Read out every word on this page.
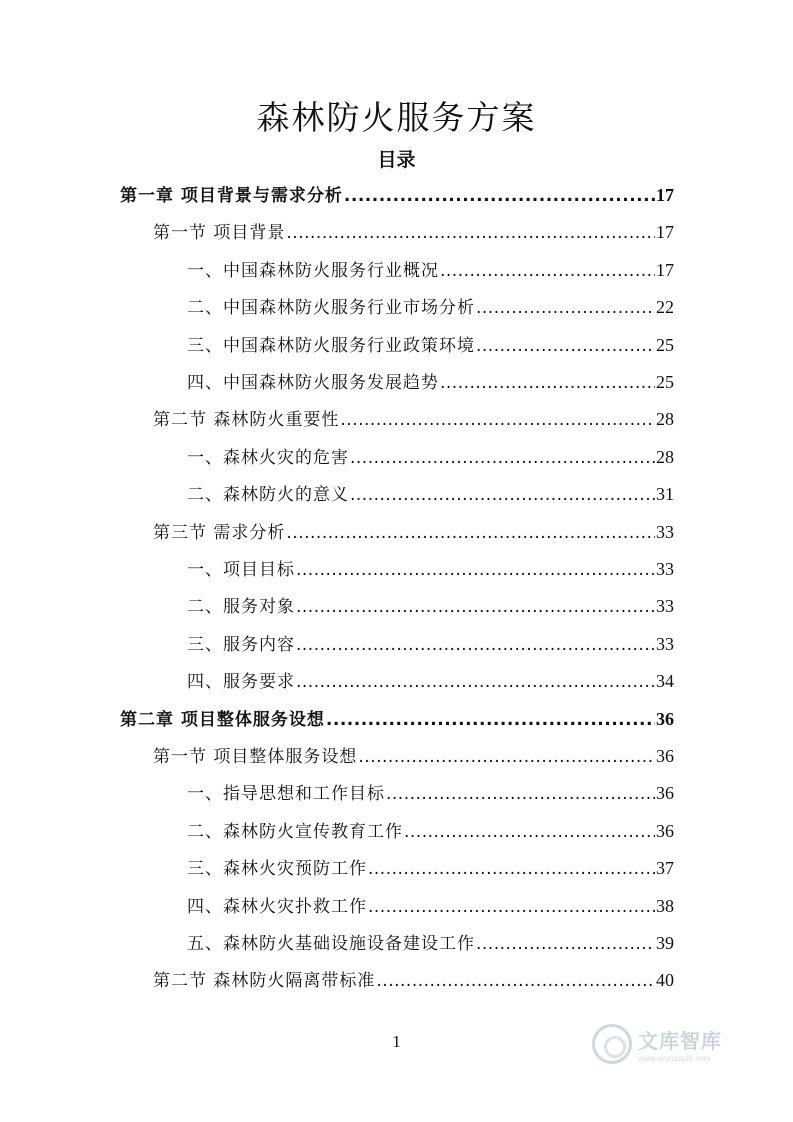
森林防火服务方案
目录
第一章 项目背景与需求分析 .....	17
第一节 项目背景 .....	17
一、中国森林防火服务行业概况 .....	17
二、中国森林防火服务行业市场分析 .....	22
三、中国森林防火服务行业政策环境 .....	25
四、中国森林防火服务发展趋势 .....	25
第二节 森林防火重要性 .....	28
一、森林火灾的危害 .....	28
二、森林防火的意义 .....	31
第三节 需求分析 .....	33
一、项目目标 .....	33
二、服务对象 .....	33
三、服务内容 .....	33
四、服务要求 .....	34
第二章 项目整体服务设想 .....	36
第一节 项目整体服务设想 .....	36
一、指导思想和工作目标 .....	36
二、森林防火宣传教育工作 .....	36
三、森林火灾预防工作 .....	37
四、森林火灾扑救工作 .....	38
五、森林防火基础设施设备建设工作 .....	39
第二节 森林防火隔离带标准 .....	40
1	文库智库
www.wenduozk.com
